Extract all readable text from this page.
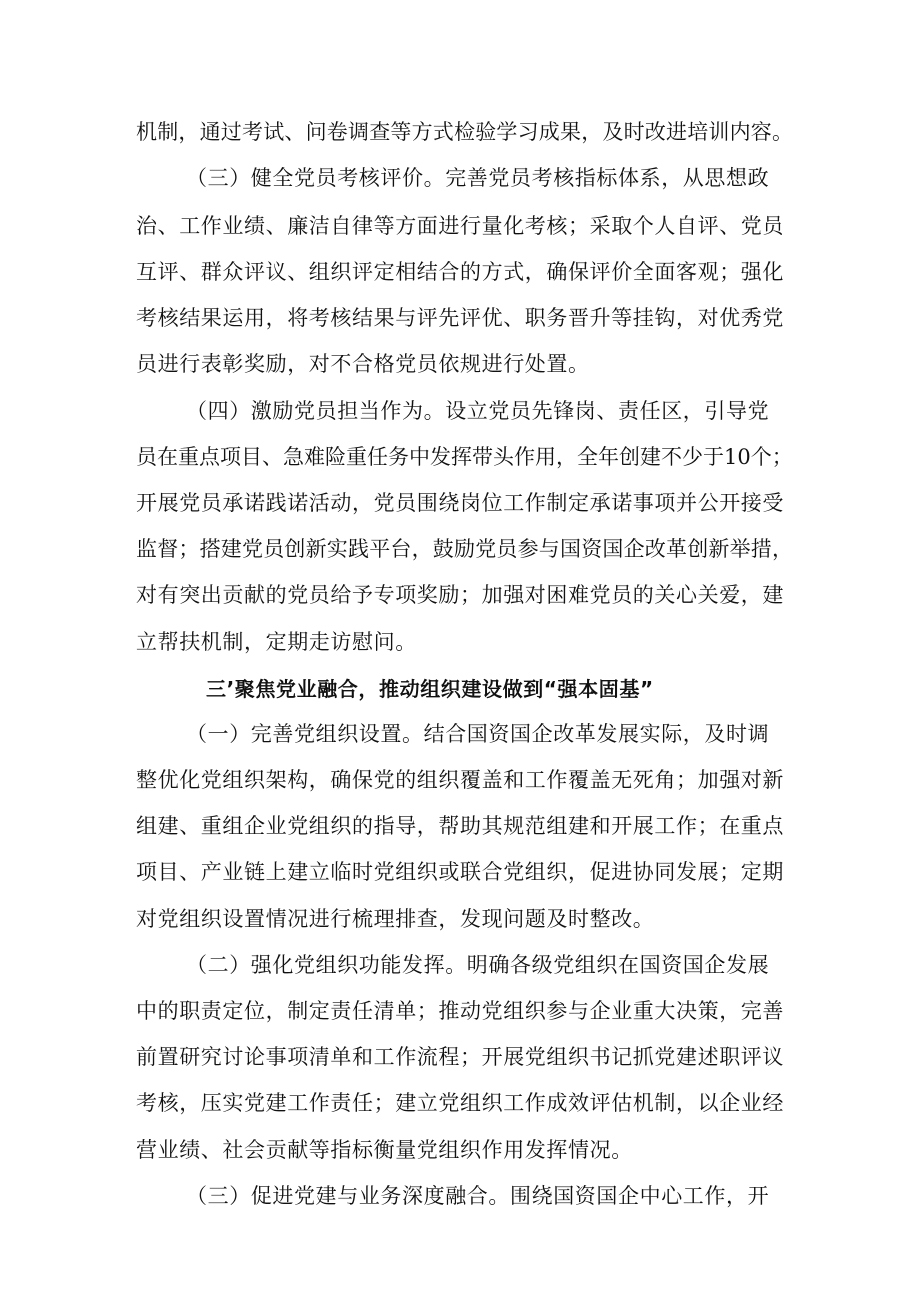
机制，通过考试、问卷调查等方式检验学习成果，及时改进培训内容。
（三）健全党员考核评价。完善党员考核指标体系，从思想政
治、工作业绩、廉洁自律等方面进行量化考核；采取个人自评、党员
互评、群众评议、组织评定相结合的方式，确保评价全面客观；强化
考核结果运用，将考核结果与评先评优、职务晋升等挂钩，对优秀党
员进行表彰奖励，对不合格党员依规进行处置。
（四）激励党员担当作为。设立党员先锋岗、责任区，引导党
员在重点项目、急难险重任务中发挥带头作用，全年创建不少于10个；
开展党员承诺践诺活动，党员围绕岗位工作制定承诺事项并公开接受
监督；搭建党员创新实践平台，鼓励党员参与国资国企改革创新举措，
对有突出贡献的党员给予专项奖励；加强对困难党员的关心关爱，建
立帮扶机制，定期走访慰问。
三’聚焦党业融合，推动组织建设做到“强本固基”
（一）完善党组织设置。结合国资国企改革发展实际，及时调
整优化党组织架构，确保党的组织覆盖和工作覆盖无死角；加强对新
组建、重组企业党组织的指导，帮助其规范组建和开展工作；在重点
项目、产业链上建立临时党组织或联合党组织，促进协同发展；定期
对党组织设置情况进行梳理排查，发现问题及时整改。
（二）强化党组织功能发挥。明确各级党组织在国资国企发展
中的职责定位，制定责任清单；推动党组织参与企业重大决策，完善
前置研究讨论事项清单和工作流程；开展党组织书记抓党建述职评议
考核，压实党建工作责任；建立党组织工作成效评估机制，以企业经
营业绩、社会贡献等指标衡量党组织作用发挥情况。
（三）促进党建与业务深度融合。围绕国资国企中心工作，开
